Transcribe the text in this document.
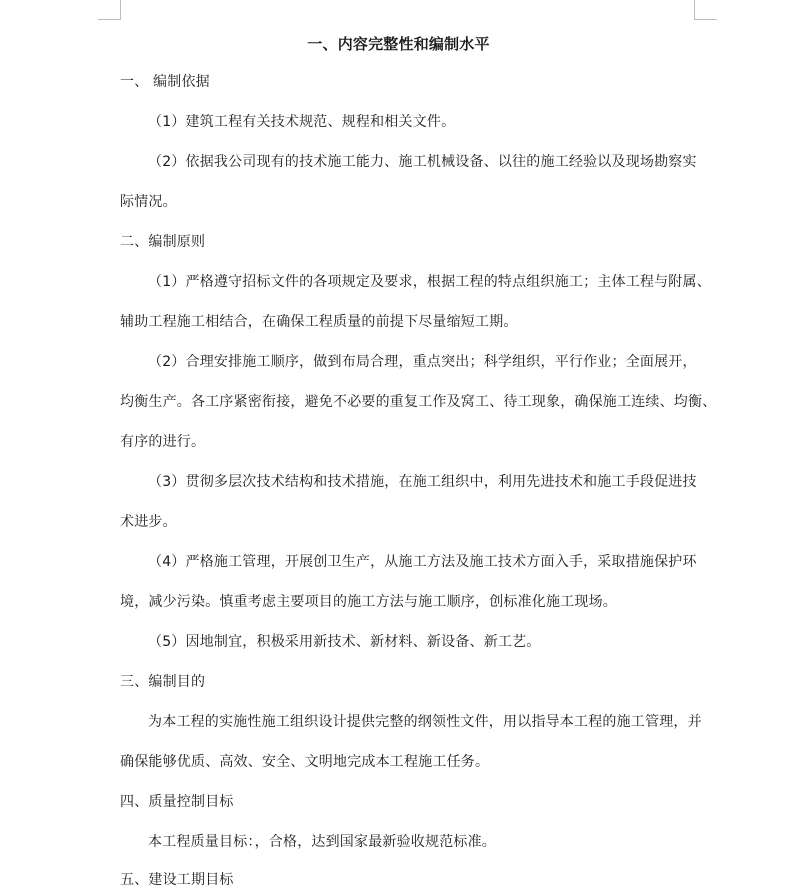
一、内容完整性和编制水平
一、 编制依据
（1）建筑工程有关技术规范、规程和相关文件。
（2）依据我公司现有的技术施工能力、施工机械设备、以往的施工经验以及现场勘察实
际情况。
二、编制原则
（1）严格遵守招标文件的各项规定及要求，根据工程的特点组织施工；主体工程与附属、
辅助工程施工相结合，在确保工程质量的前提下尽量缩短工期。
（2）合理安排施工顺序，做到布局合理，重点突出；科学组织，平行作业；全面展开，
均衡生产。各工序紧密衔接，避免不必要的重复工作及窝工、待工现象，确保施工连续、均衡、
有序的进行。
（3）贯彻多层次技术结构和技术措施，在施工组织中，利用先进技术和施工手段促进技
术进步。
（4）严格施工管理，开展创卫生产，从施工方法及施工技术方面入手，采取措施保护环
境，减少污染。慎重考虑主要项目的施工方法与施工顺序，创标准化施工现场。
（5）因地制宜，积极采用新技术、新材料、新设备、新工艺。
三、编制目的
为本工程的实施性施工组织设计提供完整的纲领性文件，用以指导本工程的施工管理，并
确保能够优质、高效、安全、文明地完成本工程施工任务。
四、质量控制目标
本工程质量目标：，合格，达到国家最新验收规范标准。
五、建设工期目标
